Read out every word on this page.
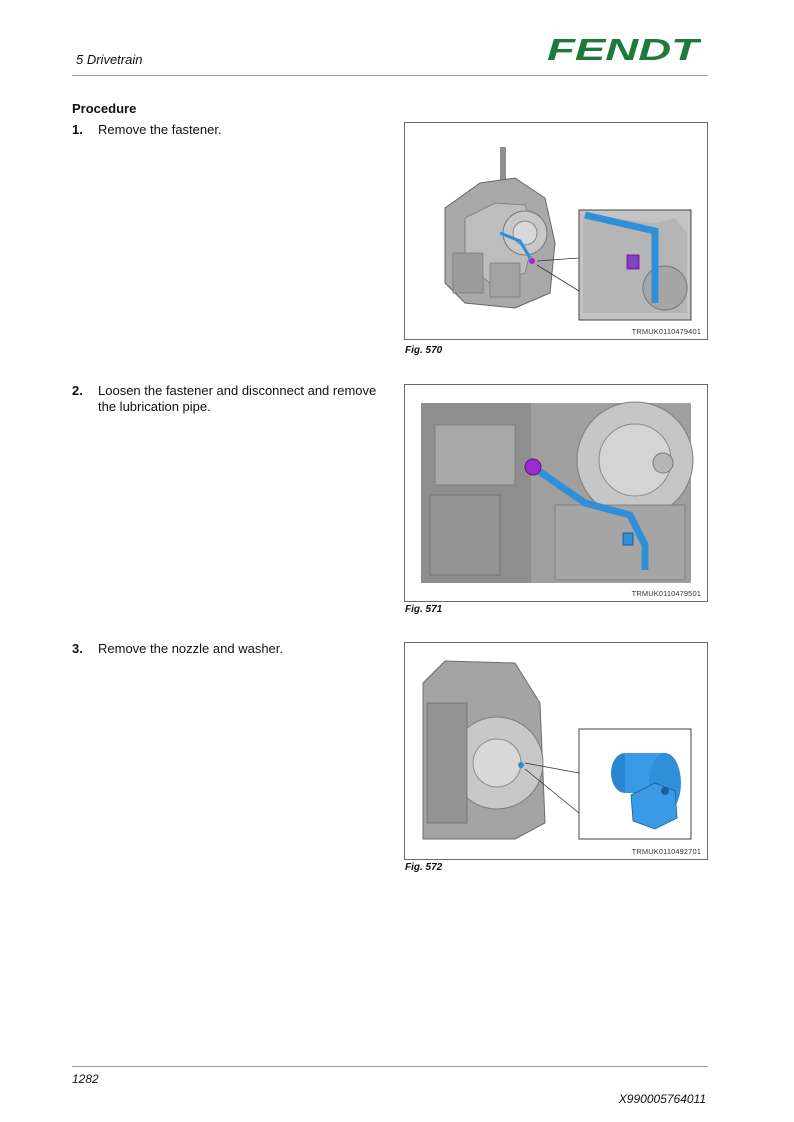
5 Drivetrain	FENDT
Procedure
1. Remove the fastener.
2. Loosen the fastener and disconnect and remove the lubrication pipe.
3. Remove the nozzle and washer.
TRMUK0110479401
Fig. 570
TRMUK0110479501
Fig. 571
TRMUK0110492701
Fig. 572
1282
X990005764011
